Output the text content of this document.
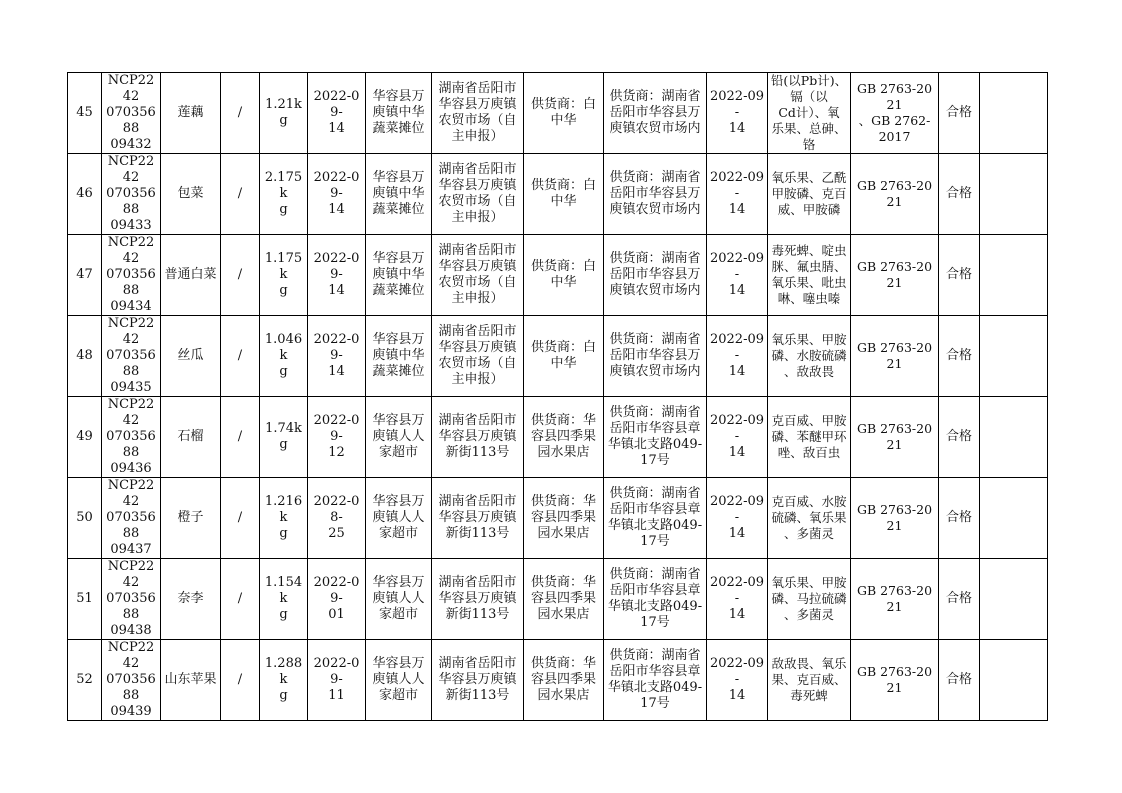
45	NCP2242
07035688
09432	莲藕	/	1.21kg	2022-09-
14	华容县万
庾镇中华
蔬菜摊位	湖南省岳阳市
华容县万庾镇
农贸市场（自
主申报）	供货商：白
中华	供货商：湖南省
岳阳市华容县万
庾镇农贸市场内	2022-09-
14	铅(以Pb计)、
镉（以
Cd计）、氧
乐果、总砷、
铬	GB 2763-2021
、GB 2762-
2017	合格	
46	NCP2242
07035688
09433	包菜	/	2.175k
g	2022-09-
14	华容县万
庾镇中华
蔬菜摊位	湖南省岳阳市
华容县万庾镇
农贸市场（自
主申报）	供货商：白
中华	供货商：湖南省
岳阳市华容县万
庾镇农贸市场内	2022-09-
14	氧乐果、乙酰
甲胺磷、克百
威、甲胺磷	GB 2763-2021	合格	
47	NCP2242
07035688
09434	普通白菜	/	1.175k
g	2022-09-
14	华容县万
庾镇中华
蔬菜摊位	湖南省岳阳市
华容县万庾镇
农贸市场（自
主申报）	供货商：白
中华	供货商：湖南省
岳阳市华容县万
庾镇农贸市场内	2022-09-
14	毒死蜱、啶虫
脒、氟虫腈、
氧乐果、吡虫
啉、噻虫嗪	GB 2763-2021	合格	
48	NCP2242
07035688
09435	丝瓜	/	1.046k
g	2022-09-
14	华容县万
庾镇中华
蔬菜摊位	湖南省岳阳市
华容县万庾镇
农贸市场（自
主申报）	供货商：白
中华	供货商：湖南省
岳阳市华容县万
庾镇农贸市场内	2022-09-
14	氧乐果、甲胺
磷、水胺硫磷
、敌敌畏	GB 2763-2021	合格	
49	NCP2242
07035688
09436	石榴	/	1.74kg	2022-09-
12	华容县万
庾镇人人
家超市	湖南省岳阳市
华容县万庾镇
新街113号	供货商：华
容县四季果
园水果店	供货商：湖南省
岳阳市华容县章
华镇北支路049-
17号	2022-09-
14	克百威、甲胺
磷、苯醚甲环
唑、敌百虫	GB 2763-2021	合格	
50	NCP2242
07035688
09437	橙子	/	1.216k
g	2022-08-
25	华容县万
庾镇人人
家超市	湖南省岳阳市
华容县万庾镇
新街113号	供货商：华
容县四季果
园水果店	供货商：湖南省
岳阳市华容县章
华镇北支路049-
17号	2022-09-
14	克百威、水胺
硫磷、氧乐果
、多菌灵	GB 2763-2021	合格	
51	NCP2242
07035688
09438	奈李	/	1.154k
g	2022-09-
01	华容县万
庾镇人人
家超市	湖南省岳阳市
华容县万庾镇
新街113号	供货商：华
容县四季果
园水果店	供货商：湖南省
岳阳市华容县章
华镇北支路049-
17号	2022-09-
14	氧乐果、甲胺
磷、马拉硫磷
、多菌灵	GB 2763-2021	合格	
52	NCP2242
07035688
09439	山东苹果	/	1.288k
g	2022-09-
11	华容县万
庾镇人人
家超市	湖南省岳阳市
华容县万庾镇
新街113号	供货商：华
容县四季果
园水果店	供货商：湖南省
岳阳市华容县章
华镇北支路049-
17号	2022-09-
14	敌敌畏、氧乐
果、克百威、
毒死蜱	GB 2763-2021	合格	
